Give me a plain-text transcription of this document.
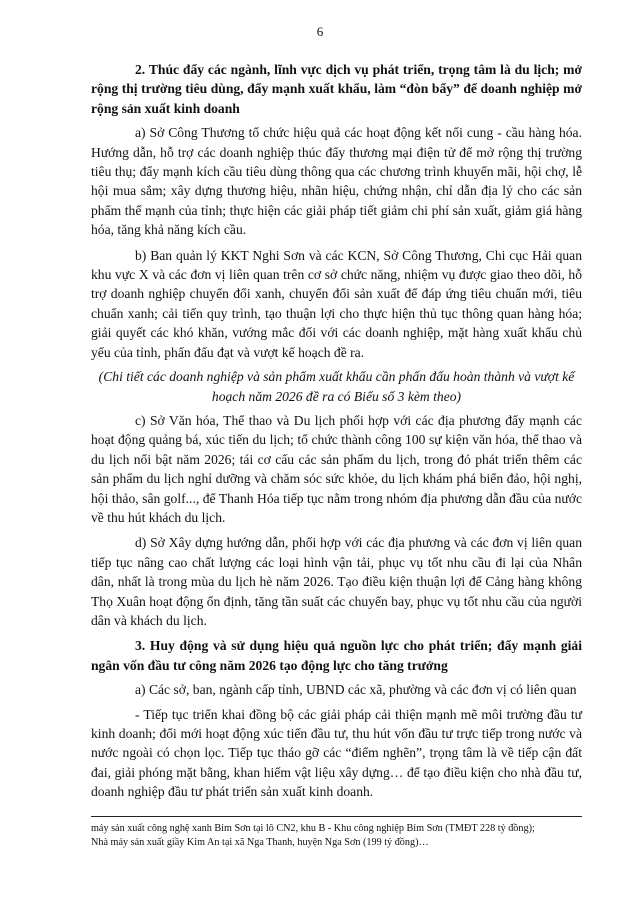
6

2. Thúc đẩy các ngành, lĩnh vực dịch vụ phát triển, trọng tâm là du lịch; mở rộng thị trường tiêu dùng, đẩy mạnh xuất khẩu, làm “đòn bẩy” để doanh nghiệp mở rộng sản xuất kinh doanh

a) Sở Công Thương tổ chức hiệu quả các hoạt động kết nối cung - cầu hàng hóa. Hướng dẫn, hỗ trợ các doanh nghiệp thúc đẩy thương mại điện tử để mở rộng thị trường tiêu thụ; đẩy mạnh kích cầu tiêu dùng thông qua các chương trình khuyến mãi, hội chợ, lễ hội mua sắm; xây dựng thương hiệu, nhãn hiệu, chứng nhận, chỉ dẫn địa lý cho các sản phẩm thế mạnh của tỉnh; thực hiện các giải pháp tiết giảm chi phí sản xuất, giảm giá hàng hóa, tăng khả năng kích cầu.

b) Ban quản lý KKT Nghi Sơn và các KCN, Sở Công Thương, Chi cục Hải quan khu vực X và các đơn vị liên quan trên cơ sở chức năng, nhiệm vụ được giao theo dõi, hỗ trợ doanh nghiệp chuyển đổi xanh, chuyển đổi sản xuất để đáp ứng tiêu chuẩn mới, tiêu chuẩn xanh; cải tiến quy trình, tạo thuận lợi cho thực hiện thủ tục thông quan hàng hóa; giải quyết các khó khăn, vướng mắc đối với các doanh nghiệp, mặt hàng xuất khẩu chủ yếu của tỉnh, phấn đấu đạt và vượt kế hoạch đề ra.

(Chi tiết các doanh nghiệp và sản phẩm xuất khẩu cần phấn đấu hoàn thành và vượt kế hoạch năm 2026 đề ra có Biểu số 3 kèm theo)

c) Sở Văn hóa, Thể thao và Du lịch phối hợp với các địa phương đẩy mạnh các hoạt động quảng bá, xúc tiến du lịch; tổ chức thành công 100 sự kiện văn hóa, thể thao và du lịch nổi bật năm 2026; tái cơ cấu các sản phẩm du lịch, trong đó phát triển thêm các sản phẩm du lịch nghỉ dưỡng và chăm sóc sức khỏe, du lịch khám phá biển đảo, hội nghị, hội thảo, sân golf..., để Thanh Hóa tiếp tục nằm trong nhóm địa phương dẫn đầu của nước về thu hút khách du lịch.

d) Sở Xây dựng hướng dẫn, phối hợp với các địa phương và các đơn vị liên quan tiếp tục nâng cao chất lượng các loại hình vận tải, phục vụ tốt nhu cầu đi lại của Nhân dân, nhất là trong mùa du lịch hè năm 2026. Tạo điều kiện thuận lợi để Cảng hàng không Thọ Xuân hoạt động ổn định, tăng tần suất các chuyến bay, phục vụ tốt nhu cầu của người dân và khách du lịch.

3. Huy động và sử dụng hiệu quả nguồn lực cho phát triển; đẩy mạnh giải ngân vốn đầu tư công năm 2026 tạo động lực cho tăng trưởng

a) Các sở, ban, ngành cấp tỉnh, UBND các xã, phường và các đơn vị có liên quan

- Tiếp tục triển khai đồng bộ các giải pháp cải thiện mạnh mẽ môi trường đầu tư kinh doanh; đổi mới hoạt động xúc tiến đầu tư, thu hút vốn đầu tư trực tiếp trong nước và nước ngoài có chọn lọc. Tiếp tục tháo gỡ các “điểm nghẽn”, trọng tâm là về tiếp cận đất đai, giải phóng mặt bằng, khan hiếm vật liệu xây dựng… để tạo điều kiện cho nhà đầu tư, doanh nghiệp đầu tư phát triển sản xuất kinh doanh.

máy sản xuất công nghệ xanh Bỉm Sơn tại lô CN2, khu B - Khu công nghiệp Bỉm Sơn (TMĐT 228 tỷ đồng);

Nhà máy sản xuất giầy Kim An tại xã Nga Thanh, huyện Nga Sơn (199 tỷ đồng)…
